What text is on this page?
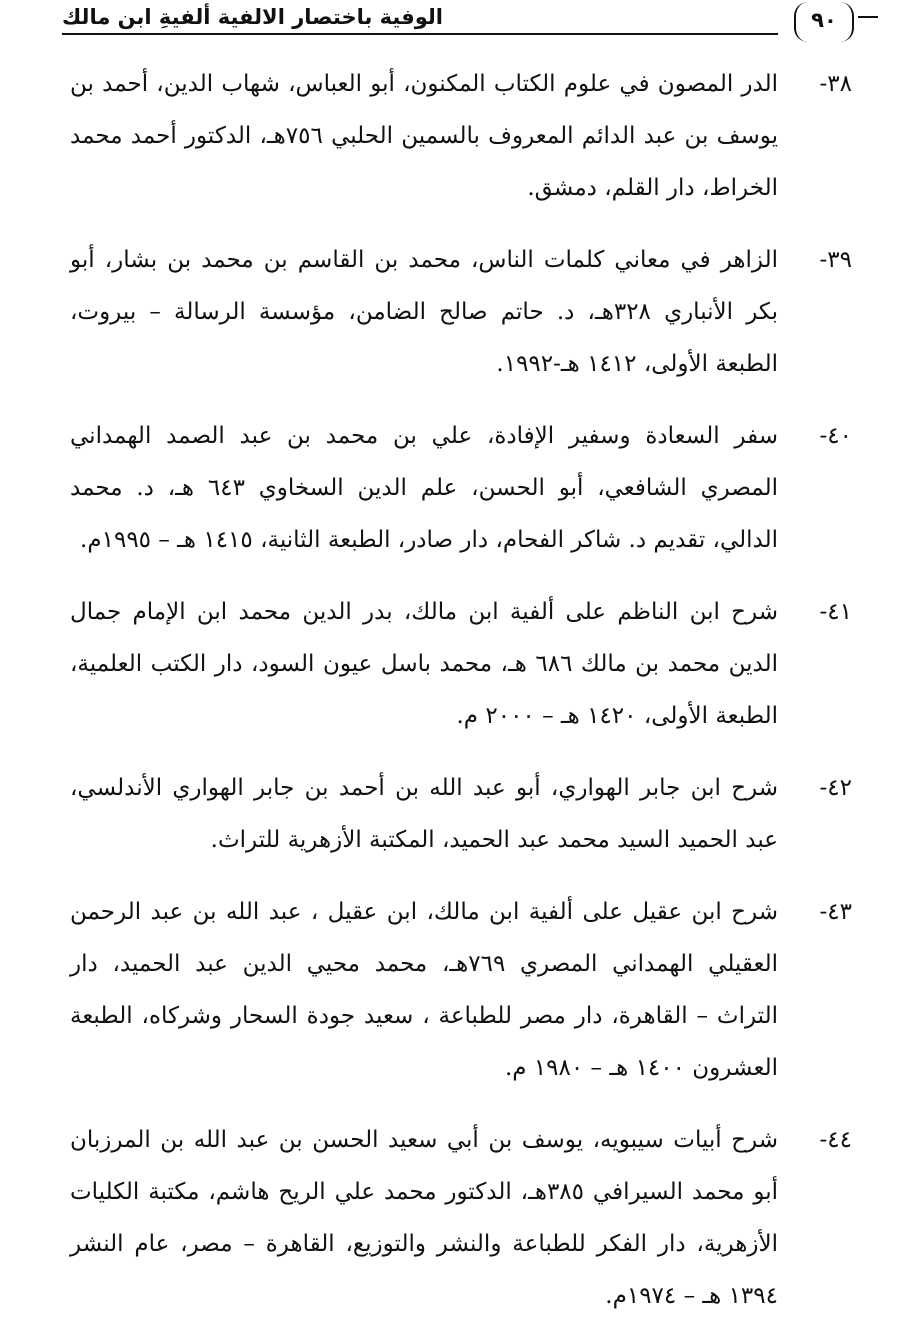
الوفية باختصار الالفية ألفيةِ ابن مالك	٩٠
٣٨-
الدر المصون في علوم الكتاب المكنون، أبو العباس، شهاب الدين، أحمد بن يوسف بن عبد الدائم المعروف بالسمين الحلبي ٧٥٦هـ، الدكتور أحمد محمد الخراط، دار القلم، دمشق.
٣٩-
الزاهر في معاني كلمات الناس، محمد بن القاسم بن محمد بن بشار، أبو بكر الأنباري ٣٢٨هـ، د. حاتم صالح الضامن، مؤسسة الرسالة – بيروت، الطبعة الأولى، ١٤١٢ هـ-١٩٩٢.
٤٠-
سفر السعادة وسفير الإفادة، علي بن محمد بن عبد الصمد الهمداني المصري الشافعي، أبو الحسن، علم الدين السخاوي ٦٤٣ هـ، د. محمد الدالي، تقديم د. شاكر الفحام، دار صادر، الطبعة الثانية، ١٤١٥ هـ – ١٩٩٥م.
٤١-
شرح ابن الناظم على ألفية ابن مالك، بدر الدين محمد ابن الإمام جمال الدين محمد بن مالك ٦٨٦ هـ، محمد باسل عيون السود، دار الكتب العلمية، الطبعة الأولى، ١٤٢٠ هـ – ٢٠٠٠ م.
٤٢-
شرح ابن جابر الهواري، أبو عبد الله بن أحمد بن جابر الهواري الأندلسي، عبد الحميد السيد محمد عبد الحميد، المكتبة الأزهرية للتراث.
٤٣-
شرح ابن عقيل على ألفية ابن مالك، ابن عقيل ، عبد الله بن عبد الرحمن العقيلي الهمداني المصري ٧٦٩هـ، محمد محيي الدين عبد الحميد، دار التراث – القاهرة، دار مصر للطباعة ، سعيد جودة السحار وشركاه، الطبعة العشرون ١٤٠٠ هـ – ١٩٨٠ م.
٤٤-
شرح أبيات سيبويه، يوسف بن أبي سعيد الحسن بن عبد الله بن المرزبان أبو محمد السيرافي ٣٨٥هـ، الدكتور محمد علي الريح هاشم، مكتبة الكليات الأزهرية، دار الفكر للطباعة والنشر والتوزيع، القاهرة – مصر، عام النشر ١٣٩٤ هـ – ١٩٧٤م.
